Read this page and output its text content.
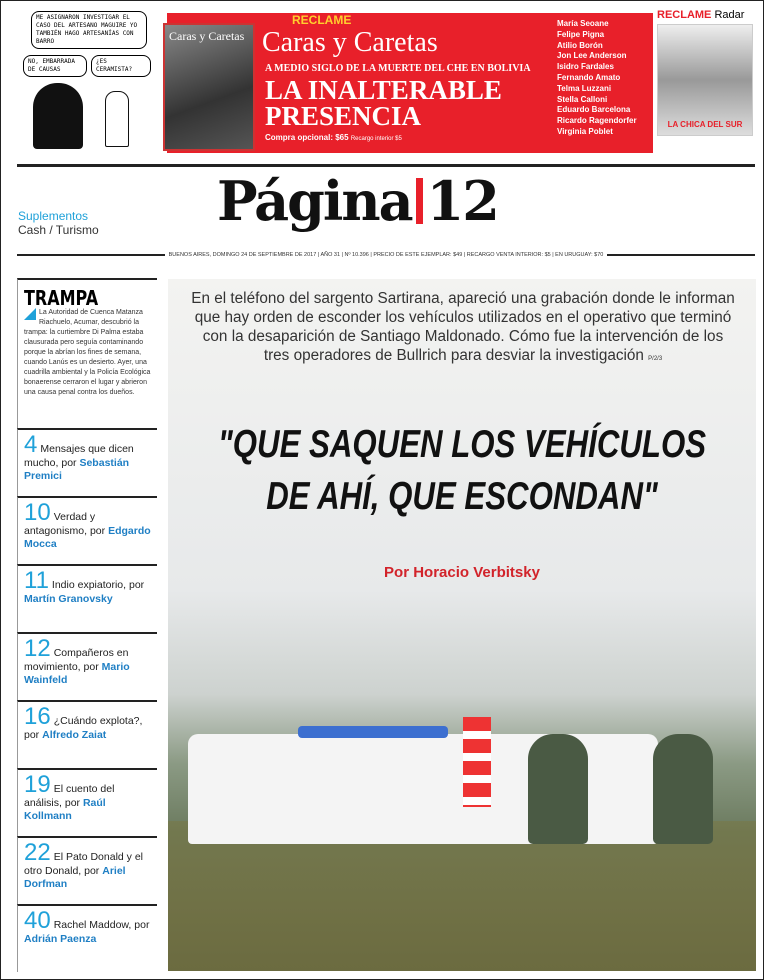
ME ASIGNARON INVESTIGAR EL CASO DEL ARTESANO MAGUIRE YO TAMBIÉN HAGO ARTESANÍAS CON BARRO
¿ES CERAMISTA?
NO, EMBARRADA DE CAUSAS
Caras y Caretas
RECLAME
Caras y Caretas
A MEDIO SIGLO DE LA MUERTE DEL CHE EN BOLIVIA
LA INALTERABLE
PRESENCIA
Compra opcional: $65 Recargo interior $5
María Seoane
Felipe Pigna
Atilio Borón
Jon Lee Anderson
Isidro Fardales
Fernando Amato
Telma Luzzani
Stella Calloni
Eduardo Barcelona
Ricardo Ragendorfer
Virginia Poblet
RECLAME Radar
LA CHICA DEL SUR
Suplementos
Cash / Turismo Página 12
BUENOS AIRES, DOMINGO 24 DE SEPTIEMBRE DE 2017 | AÑO 31 | Nº 10.396 | PRECIO DE ESTE EJEMPLAR: $49 | RECARGO VENTA INTERIOR: $5 | EN URUGUAY: $70
TRAMPA

La Autoridad de Cuenca Matanza Riachuelo, Acumar, descubrió la trampa: la curtiembre Di Palma estaba clausurada pero seguía contaminando porque la abrían los fines de semana, cuando Lanús es un desierto. Ayer, una cuadrilla ambiental y la Policía Ecológica bonaerense cerraron el lugar y abrieron una causa penal contra los dueños.

4 Mensajes que dicen mucho, por Sebastián Premici
10 Verdad y antagonismo, por Edgardo Mocca
11 Indio expiatorio, por Martín Granovsky
12 Compañeros en movimiento, por Mario Wainfeld
16 ¿Cuándo explota?, por Alfredo Zaiat
19 El cuento del análisis, por Raúl Kollmann
22 El Pato Donald y el otro Donald, por Ariel Dorfman
40 Rachel Maddow, por Adrián Paenza
En el teléfono del sargento Sartirana, apareció una grabación donde le informan que hay orden de esconder los vehículos utilizados en el operativo que terminó con la desaparición de Santiago Maldonado. Cómo fue la intervención de los tres operadores de Bullrich para desviar la investigación P/2/3
"QUE SAQUEN LOS VEHÍCULOS
DE AHÍ, QUE ESCONDAN"
Por Horacio Verbitsky
